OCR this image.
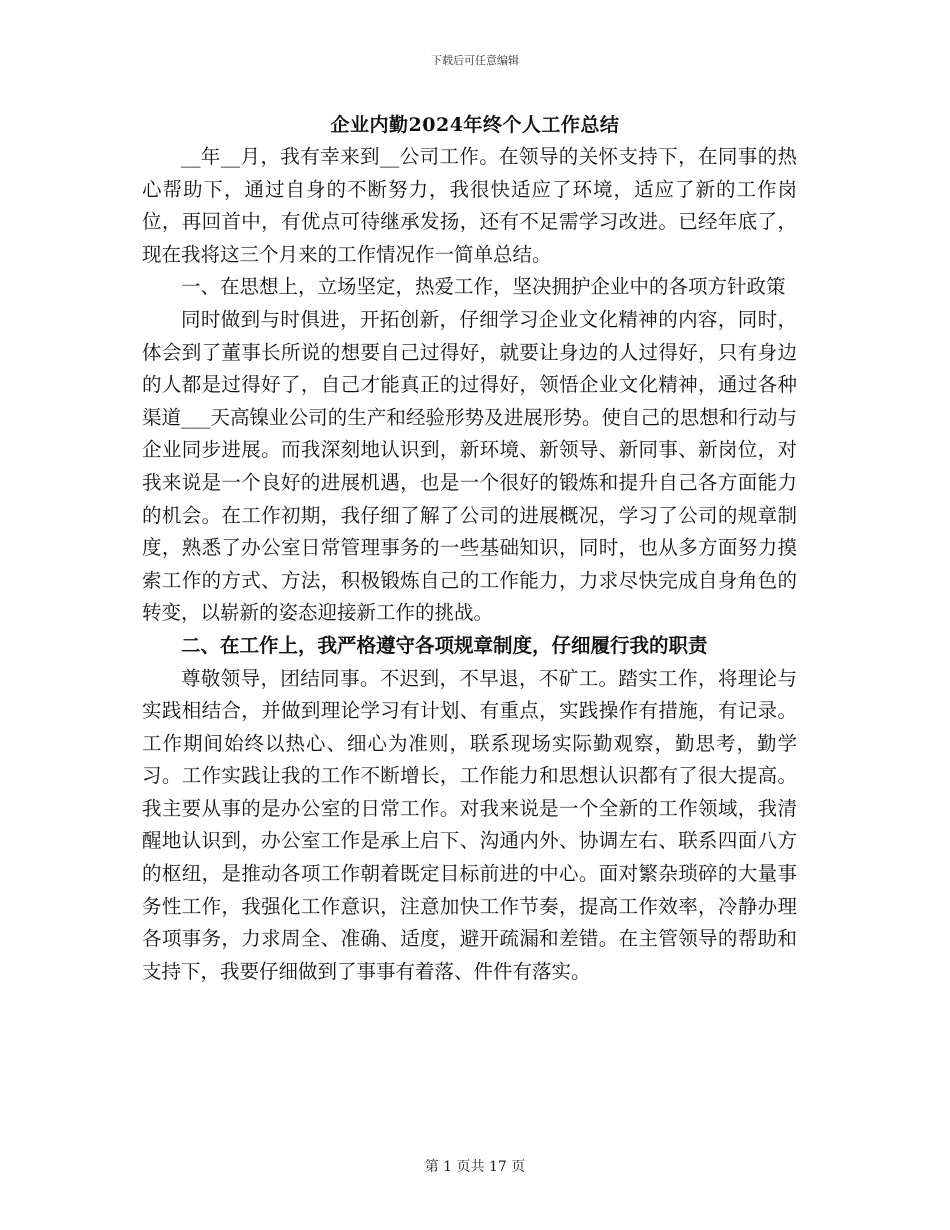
下载后可任意编辑
企业内勤2024年终个人工作总结

__年__月，我有幸来到__公司工作。在领导的关怀支持下，在同事的热心帮助下，通过自身的不断努力，我很快适应了环境，适应了新的工作岗位，再回首中，有优点可待继承发扬，还有不足需学习改进。已经年底了，现在我将这三个月来的工作情况作一简单总结。

一、在思想上，立场坚定，热爱工作，坚决拥护企业中的各项方针政策

同时做到与时俱进，开拓创新，仔细学习企业文化精神的内容，同时，体会到了董事长所说的想要自己过得好，就要让身边的人过得好，只有身边的人都是过得好了，自己才能真正的过得好，领悟企业文化精神，通过各种渠道___天高镍业公司的生产和经验形势及进展形势。使自己的思想和行动与企业同步进展。而我深刻地认识到，新环境、新领导、新同事、新岗位，对我来说是一个良好的进展机遇，也是一个很好的锻炼和提升自己各方面能力的机会。在工作初期，我仔细了解了公司的进展概况，学习了公司的规章制度，熟悉了办公室日常管理事务的一些基础知识，同时，也从多方面努力摸索工作的方式、方法，积极锻炼自己的工作能力，力求尽快完成自身角色的转变，以崭新的姿态迎接新工作的挑战。

二、在工作上，我严格遵守各项规章制度，仔细履行我的职责

尊敬领导，团结同事。不迟到，不早退，不矿工。踏实工作，将理论与实践相结合，并做到理论学习有计划、有重点，实践操作有措施，有记录。工作期间始终以热心、细心为准则，联系现场实际勤观察，勤思考，勤学习。工作实践让我的工作不断增长，工作能力和思想认识都有了很大提高。我主要从事的是办公室的日常工作。对我来说是一个全新的工作领域，我清醒地认识到，办公室工作是承上启下、沟通内外、协调左右、联系四面八方的枢纽，是推动各项工作朝着既定目标前进的中心。面对繁杂琐碎的大量事务性工作，我强化工作意识，注意加快工作节奏，提高工作效率，冷静办理各项事务，力求周全、准确、适度，避开疏漏和差错。在主管领导的帮助和支持下，我要仔细做到了事事有着落、件件有落实。

第 1 页共 17 页
